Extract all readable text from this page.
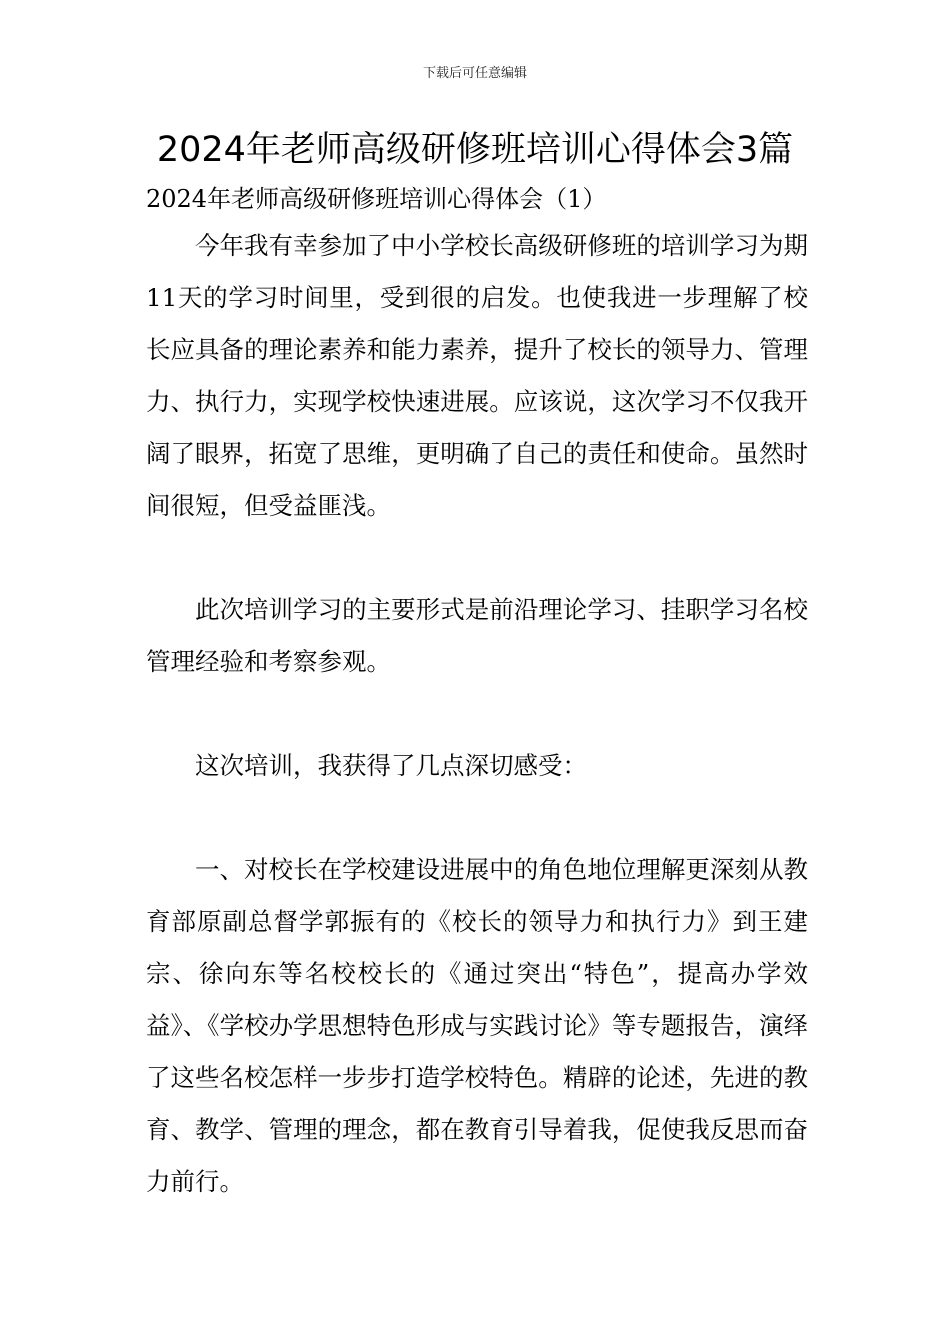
下载后可任意编辑
2024年老师高级研修班培训心得体会3篇

2024年老师高级研修班培训心得体会（1）

今年我有幸参加了中小学校长高级研修班的培训学习为期11天的学习时间里，受到很的启发。也使我进一步理解了校长应具备的理论素养和能力素养，提升了校长的领导力、管理力、执行力，实现学校快速进展。应该说，这次学习不仅我开阔了眼界，拓宽了思维，更明确了自己的责任和使命。虽然时间很短，但受益匪浅。

此次培训学习的主要形式是前沿理论学习、挂职学习名校管理经验和考察参观。

这次培训，我获得了几点深切感受：

一、对校长在学校建设进展中的角色地位理解更深刻从教育部原副总督学郭振有的《校长的领导力和执行力》到王建宗、徐向东等名校校长的《通过突出“特色”，提高办学效益》、《学校办学思想特色形成与实践讨论》等专题报告，演绎了这些名校怎样一步步打造学校特色。精辟的论述，先进的教育、教学、管理的理念，都在教育引导着我，促使我反思而奋力前行。
